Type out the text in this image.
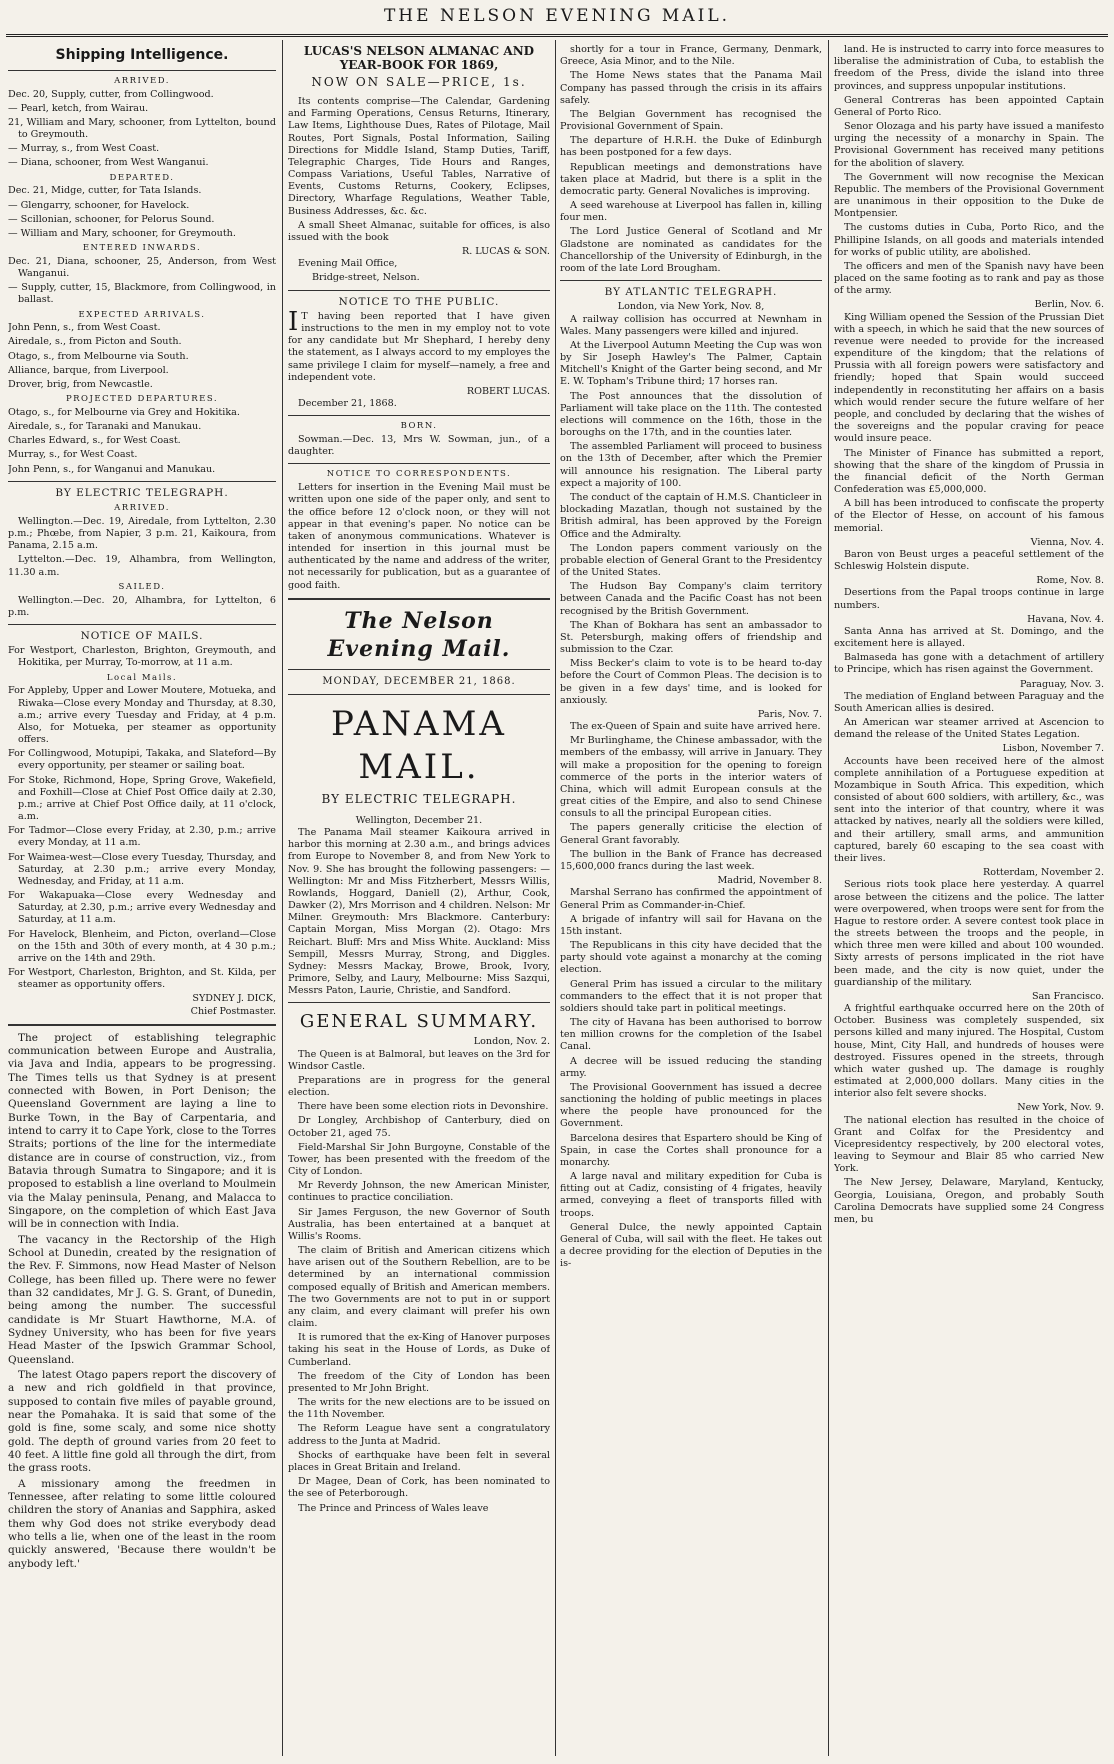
THE NELSON EVENING MAIL.
Shipping Intelligence.
ARRIVED.

Dec. 20, Supply, cutter, from Collingwood.

— Pearl, ketch, from Wairau.

21, William and Mary, schooner, from Lyttelton, bound to Greymouth.

— Murray, s., from West Coast.

— Diana, schooner, from West Wanganui.

DEPARTED.

Dec. 21, Midge, cutter, for Tata Islands.

— Glengarry, schooner, for Havelock.

— Scillonian, schooner, for Pelorus Sound.

— William and Mary, schooner, for Greymouth.

ENTERED INWARDS.

Dec. 21, Diana, schooner, 25, Anderson, from West Wanganui.

— Supply, cutter, 15, Blackmore, from Collingwood, in ballast.

EXPECTED ARRIVALS.

John Penn, s., from West Coast.

Airedale, s., from Picton and South.

Otago, s., from Melbourne via South.

Alliance, barque, from Liverpool.

Drover, brig, from Newcastle.

PROJECTED DEPARTURES.

Otago, s., for Melbourne via Grey and Hokitika.

Airedale, s., for Taranaki and Manukau.

Charles Edward, s., for West Coast.

Murray, s., for West Coast.

John Penn, s., for Wanganui and Manukau.

BY ELECTRIC TELEGRAPH.
ARRIVED.

Wellington.—Dec. 19, Airedale, from Lyttelton, 2.30 p.m.; Phœbe, from Napier, 3 p.m. 21, Kaikoura, from Panama, 2.15 a.m.

Lyttelton.—Dec. 19, Alhambra, from Wellington, 11.30 a.m.

SAILED.

Wellington.—Dec. 20, Alhambra, for Lyttelton, 6 p.m.

NOTICE OF MAILS.

For Westport, Charleston, Brighton, Greymouth, and Hokitika, per Murray, To-morrow, at 11 a.m.

Local Mails.

For Appleby, Upper and Lower Moutere, Motueka, and Riwaka—Close every Monday and Thursday, at 8.30, a.m.; arrive every Tuesday and Friday, at 4 p.m. Also, for Motueka, per steamer as opportunity offers.

For Collingwood, Motupipi, Takaka, and Slateford—By every opportunity, per steamer or sailing boat.

For Stoke, Richmond, Hope, Spring Grove, Wakefield, and Foxhill—Close at Chief Post Office daily at 2.30, p.m.; arrive at Chief Post Office daily, at 11 o'clock, a.m.

For Tadmor—Close every Friday, at 2.30, p.m.; arrive every Monday, at 11 a.m.

For Waimea-west—Close every Tuesday, Thursday, and Saturday, at 2.30 p.m.; arrive every Monday, Wednesday, and Friday, at 11 a.m.

For Wakapuaka—Close every Wednesday and Saturday, at 2.30, p.m.; arrive every Wednesday and Saturday, at 11 a.m.

For Havelock, Blenheim, and Picton, overland—Close on the 15th and 30th of every month, at 4 30 p.m.; arrive on the 14th and 29th.

For Westport, Charleston, Brighton, and St. Kilda, per steamer as opportunity offers.

SYDNEY J. DICK,
Chief Postmaster.

The project of establishing telegraphic communication between Europe and Australia, via Java and India, appears to be progressing. The Times tells us that Sydney is at present connected with Bowen, in Port Denison; the Queensland Government are laying a line to Burke Town, in the Bay of Carpentaria, and intend to carry it to Cape York, close to the Torres Straits; portions of the line for the intermediate distance are in course of construction, viz., from Batavia through Sumatra to Singapore; and it is proposed to establish a line overland to Moulmein via the Malay peninsula, Penang, and Malacca to Singapore, on the completion of which East Java will be in connection with India.

The vacancy in the Rectorship of the High School at Dunedin, created by the resignation of the Rev. F. Simmons, now Head Master of Nelson College, has been filled up. There were no fewer than 32 candidates, Mr J. G. S. Grant, of Dunedin, being among the number. The successful candidate is Mr Stuart Hawthorne, M.A. of Sydney University, who has been for five years Head Master of the Ipswich Grammar School, Queensland.

The latest Otago papers report the discovery of a new and rich goldfield in that province, supposed to contain five miles of payable ground, near the Pomahaka. It is said that some of the gold is fine, some scaly, and some nice shotty gold. The depth of ground varies from 20 feet to 40 feet. A little fine gold all through the dirt, from the grass roots.

A missionary among the freedmen in Tennessee, after relating to some little coloured children the story of Ananias and Sapphira, asked them why God does not strike everybody dead who tells a lie, when one of the least in the room quickly answered, 'Because there wouldn't be anybody left.'

LUCAS'S NELSON ALMANAC AND YEAR-BOOK FOR 1869,
NOW ON SALE—PRICE, 1s.

Its contents comprise—The Calendar, Gardening and Farming Operations, Census Returns, Itinerary, Law Items, Lighthouse Dues, Rates of Pilotage, Mail Routes, Port Signals, Postal Information, Sailing Directions for Middle Island, Stamp Duties, Tariff, Telegraphic Charges, Tide Hours and Ranges, Compass Variations, Useful Tables, Narrative of Events, Customs Returns, Cookery, Eclipses, Directory, Wharfage Regulations, Weather Table, Business Addresses, &c. &c.

A small Sheet Almanac, suitable for offices, is also issued with the book

R. LUCAS & SON.

Evening Mail Office,

Bridge-street, Nelson.

NOTICE TO THE PUBLIC.

I T having been reported that I have given instructions to the men in my employ not to vote for any candidate but Mr Shephard, I hereby deny the statement, as I always accord to my employes the same privilege I claim for myself—namely, a free and independent vote.

ROBERT LUCAS.

December 21, 1868.

BORN.

Sowman.—Dec. 13, Mrs W. Sowman, jun., of a daughter.

NOTICE TO CORRESPONDENTS.

Letters for insertion in the Evening Mail must be written upon one side of the paper only, and sent to the office before 12 o'clock noon, or they will not appear in that evening's paper. No notice can be taken of anonymous communications. Whatever is intended for insertion in this journal must be authenticated by the name and address of the writer, not necessarily for publication, but as a guarantee of good faith.

The Nelson Evening Mail.
MONDAY, DECEMBER 21, 1868.
PANAMA MAIL.
BY ELECTRIC TELEGRAPH.
Wellington, December 21.

The Panama Mail steamer Kaikoura arrived in harbor this morning at 2.30 a.m., and brings advices from Europe to November 8, and from New York to Nov. 9. She has brought the following passengers: —Wellington: Mr and Miss Fitzherbert, Messrs Willis, Rowlands, Hoggard, Daniell (2), Arthur, Cook, Dawker (2), Mrs Morrison and 4 children. Nelson: Mr Milner. Greymouth: Mrs Blackmore. Canterbury: Captain Morgan, Miss Morgan (2). Otago: Mrs Reichart. Bluff: Mrs and Miss White. Auckland: Miss Sempill, Messrs Murray, Strong, and Diggles. Sydney: Messrs Mackay, Browe, Brook, Ivory, Primore, Selby, and Laury, Melbourne: Miss Sazqui, Messrs Paton, Laurie, Christie, and Sandford.

GENERAL SUMMARY.
London, Nov. 2.

The Queen is at Balmoral, but leaves on the 3rd for Windsor Castle.

Preparations are in progress for the general election.

There have been some election riots in Devonshire.

Dr Longley, Archbishop of Canterbury, died on October 21, aged 75.

Field-Marshal Sir John Burgoyne, Constable of the Tower, has been presented with the freedom of the City of London.

Mr Reverdy Johnson, the new American Minister, continues to practice conciliation.

Sir James Ferguson, the new Governor of South Australia, has been entertained at a banquet at Willis's Rooms.

The claim of British and American citizens which have arisen out of the Southern Rebellion, are to be determined by an international commission composed equally of British and American members. The two Governments are not to put in or support any claim, and every claimant will prefer his own claim.

It is rumored that the ex-King of Hanover purposes taking his seat in the House of Lords, as Duke of Cumberland.

The freedom of the City of London has been presented to Mr John Bright.

The writs for the new elections are to be issued on the 11th November.

The Reform League have sent a congratulatory address to the Junta at Madrid.

Shocks of earthquake have been felt in several places in Great Britain and Ireland.

Dr Magee, Dean of Cork, has been nominated to the see of Peterborough.

The Prince and Princess of Wales leave

shortly for a tour in France, Germany, Denmark, Greece, Asia Minor, and to the Nile.

The Home News states that the Panama Mail Company has passed through the crisis in its affairs safely.

The Belgian Government has recognised the Provisional Government of Spain.

The departure of H.R.H. the Duke of Edinburgh has been postponed for a few days.

Republican meetings and demonstrations have taken place at Madrid, but there is a split in the democratic party. General Novaliches is improving.

A seed warehouse at Liverpool has fallen in, killing four men.

The Lord Justice General of Scotland and Mr Gladstone are nominated as candidates for the Chancellorship of the University of Edinburgh, in the room of the late Lord Brougham.

BY ATLANTIC TELEGRAPH.
London, via New York, Nov. 8,

A railway collision has occurred at Newnham in Wales. Many passengers were killed and injured.

At the Liverpool Autumn Meeting the Cup was won by Sir Joseph Hawley's The Palmer, Captain Mitchell's Knight of the Garter being second, and Mr E. W. Topham's Tribune third; 17 horses ran.

The Post announces that the dissolution of Parliament will take place on the 11th. The contested elections will commence on the 16th, those in the boroughs on the 17th, and in the counties later.

The assembled Parliament will proceed to business on the 13th of December, after which the Premier will announce his resignation. The Liberal party expect a majority of 100.

The conduct of the captain of H.M.S. Chanticleer in blockading Mazatlan, though not sustained by the British admiral, has been approved by the Foreign Office and the Admiralty.

The London papers comment variously on the probable election of General Grant to the Presidentcy of the United States.

The Hudson Bay Company's claim territory between Canada and the Pacific Coast has not been recognised by the British Government.

The Khan of Bokhara has sent an ambassador to St. Petersburgh, making offers of friendship and submission to the Czar.

Miss Becker's claim to vote is to be heard to-day before the Court of Common Pleas. The decision is to be given in a few days' time, and is looked for anxiously.

Paris, Nov. 7.

The ex-Queen of Spain and suite have arrived here.

Mr Burlinghame, the Chinese ambassador, with the members of the embassy, will arrive in January. They will make a proposition for the opening to foreign commerce of the ports in the interior waters of China, which will admit European consuls at the great cities of the Empire, and also to send Chinese consuls to all the principal European cities.

The papers generally criticise the election of General Grant favorably.

The bullion in the Bank of France has decreased 15,600,000 francs during the last week.

Madrid, November 8.

Marshal Serrano has confirmed the appointment of General Prim as Commander-in-Chief.

A brigade of infantry will sail for Havana on the 15th instant.

The Republicans in this city have decided that the party should vote against a monarchy at the coming election.

General Prim has issued a circular to the military commanders to the effect that it is not proper that soldiers should take part in political meetings.

The city of Havana has been authorised to borrow ten million crowns for the completion of the Isabel Canal.

A decree will be issued reducing the standing army.

The Provisional Goovernment has issued a decree sanctioning the holding of public meetings in places where the people have pronounced for the Government.

Barcelona desires that Espartero should be King of Spain, in case the Cortes shall pronounce for a monarchy.

A large naval and military expedition for Cuba is fitting out at Cadiz, consisting of 4 frigates, heavily armed, conveying a fleet of transports filled with troops.

General Dulce, the newly appointed Captain General of Cuba, will sail with the fleet. He takes out a decree providing for the election of Deputies in the is-

land. He is instructed to carry into force measures to liberalise the administration of Cuba, to establish the freedom of the Press, divide the island into three provinces, and suppress unpopular institutions.

General Contreras has been appointed Captain General of Porto Rico.

Senor Olozaga and his party have issued a manifesto urging the necessity of a monarchy in Spain. The Provisional Government has received many petitions for the abolition of slavery.

The Government will now recognise the Mexican Republic. The members of the Provisional Government are unanimous in their opposition to the Duke de Montpensier.

The customs duties in Cuba, Porto Rico, and the Phillipine Islands, on all goods and materials intended for works of public utility, are abolished.

The officers and men of the Spanish navy have been placed on the same footing as to rank and pay as those of the army.

Berlin, Nov. 6.

King William opened the Session of the Prussian Diet with a speech, in which he said that the new sources of revenue were needed to provide for the increased expenditure of the kingdom; that the relations of Prussia with all foreign powers were satisfactory and friendly; hoped that Spain would succeed independently in reconstituting her affairs on a basis which would render secure the future welfare of her people, and concluded by declaring that the wishes of the sovereigns and the popular craving for peace would insure peace.

The Minister of Finance has submitted a report, showing that the share of the kingdom of Prussia in the financial deficit of the North German Confederation was £5,000,000.

A bill has been introduced to confiscate the property of the Elector of Hesse, on account of his famous memorial.

Vienna, Nov. 4.

Baron von Beust urges a peaceful settlement of the Schleswig Holstein dispute.

Rome, Nov. 8.

Desertions from the Papal troops continue in large numbers.

Havana, Nov. 4.

Santa Anna has arrived at St. Domingo, and the excitement here is allayed.

Balmaseda has gone with a detachment of artillery to Principe, which has risen against the Government.

Paraguay, Nov. 3.

The mediation of England between Paraguay and the South American allies is desired.

An American war steamer arrived at Ascencion to demand the release of the United States Legation.

Lisbon, November 7.

Accounts have been received here of the almost complete annihilation of a Portuguese expedition at Mozambique in South Africa. This expedition, which consisted of about 600 soldiers, with artillery, &c., was sent into the interior of that country, where it was attacked by natives, nearly all the soldiers were killed, and their artillery, small arms, and ammunition captured, barely 60 escaping to the sea coast with their lives.

Rotterdam, November 2.

Serious riots took place here yesterday. A quarrel arose between the citizens and the police. The latter were overpowered, when troops were sent for from the Hague to restore order. A severe contest took place in the streets between the troops and the people, in which three men were killed and about 100 wounded. Sixty arrests of persons implicated in the riot have been made, and the city is now quiet, under the guardianship of the military.

San Francisco.

A frightful earthquake occurred here on the 20th of October. Business was completely suspended, six persons killed and many injured. The Hospital, Custom house, Mint, City Hall, and hundreds of houses were destroyed. Fissures opened in the streets, through which water gushed up. The damage is roughly estimated at 2,000,000 dollars. Many cities in the interior also felt severe shocks.

New York, Nov. 9.

The national election has resulted in the choice of Grant and Colfax for the Presidentcy and Vicepresidentcy respectively, by 200 electoral votes, leaving to Seymour and Blair 85 who carried New York.

The New Jersey, Delaware, Maryland, Kentucky, Georgia, Louisiana, Oregon, and probably South Carolina Democrats have supplied some 24 Congress men, bu
